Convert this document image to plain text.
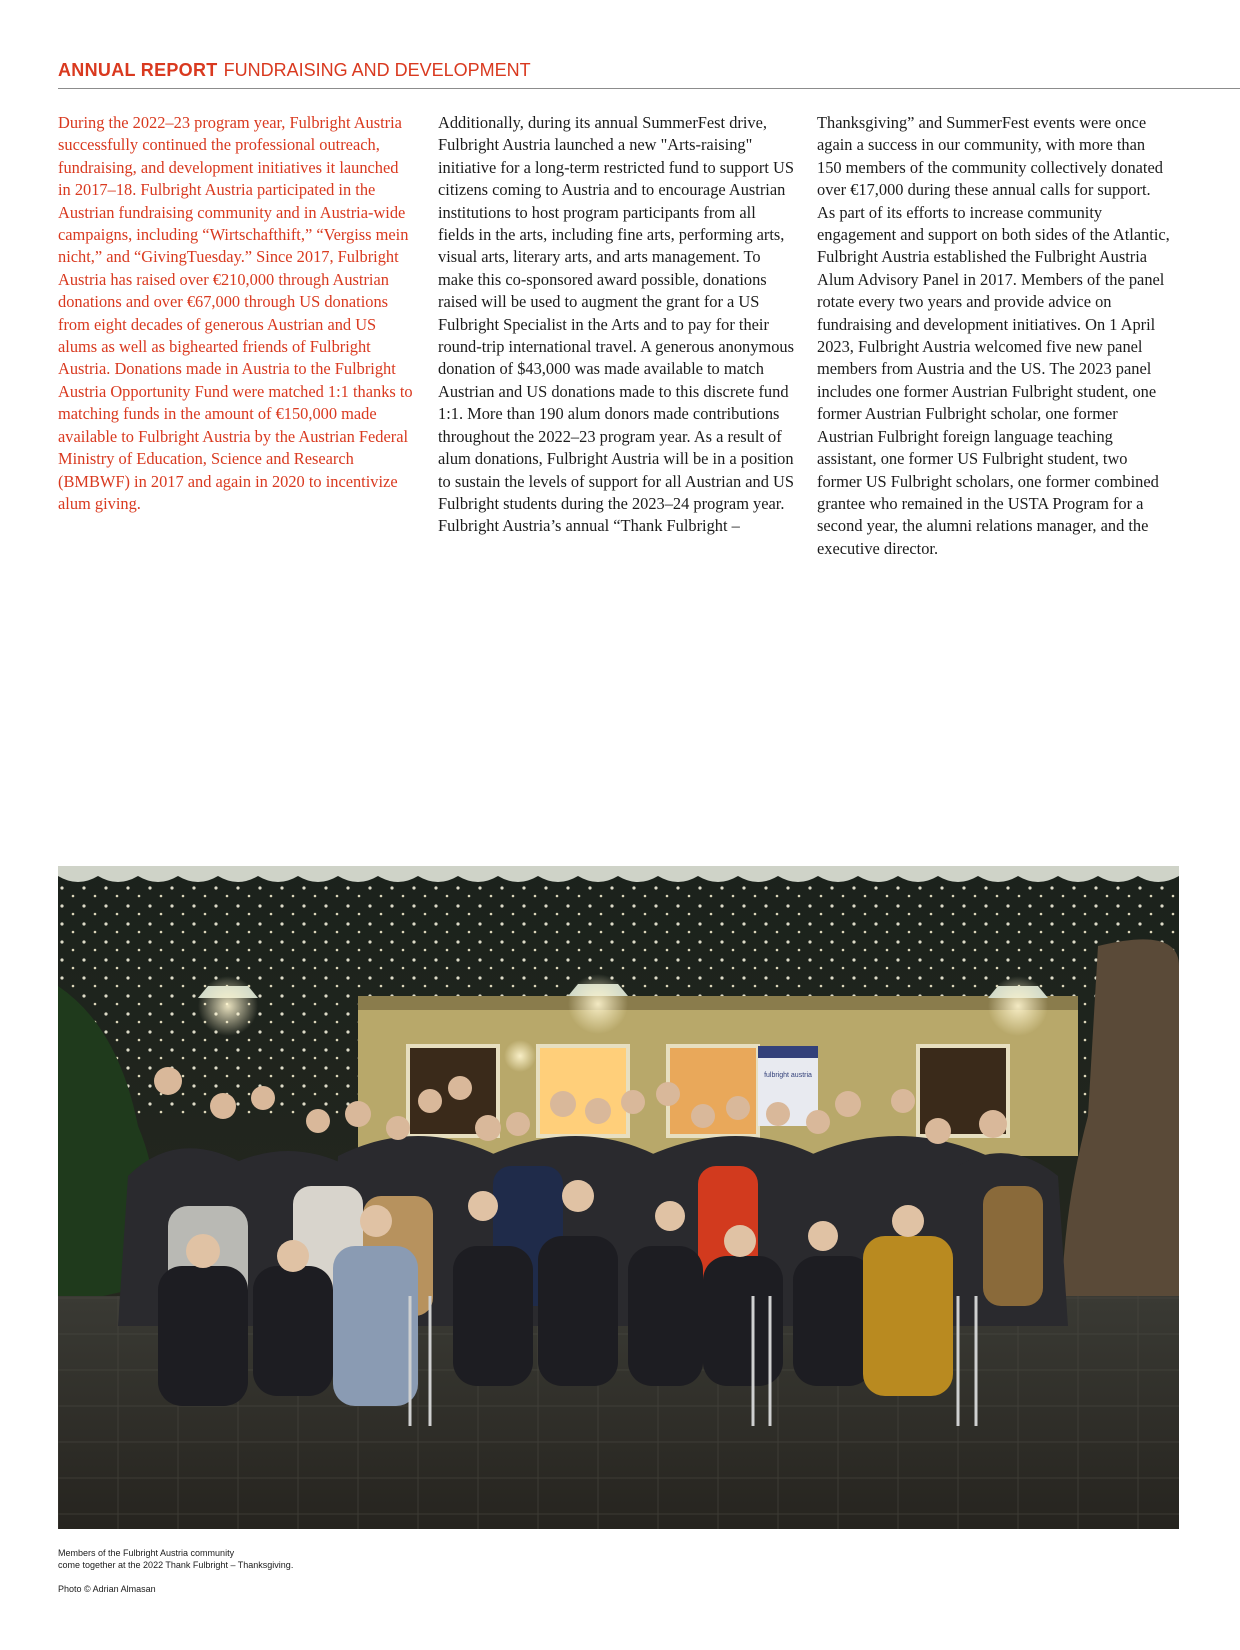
ANNUAL REPORT FUNDRAISING AND DEVELOPMENT

During the 2022–23 program year, Fulbright Austria successfully continued the professional outreach, fundraising, and development initiatives it launched in 2017–18. Fulbright Austria participated in the Austrian fundraising community and in Austria-wide campaigns, including “Wirtschafthift,” “Vergiss mein nicht,” and “GivingTuesday.” Since 2017, Fulbright Austria has raised over €210,000 through Austrian donations and over €67,000 through US donations from eight decades of generous Austrian and US alums as well as bighearted friends of Fulbright Austria. Donations made in Austria to the Fulbright Austria Opportunity Fund were matched 1:1 thanks to matching funds in the amount of €150,000 made available to Fulbright Austria by the Austrian Federal Ministry of Education, Science and Research (BMBWF) in 2017 and again in 2020 to incentivize alum giving.

Additionally, during its annual SummerFest drive, Fulbright Austria launched a new "Arts-raising" initiative for a long-term restricted fund to support US citizens coming to Austria and to encourage Austrian institutions to host program participants from all fields in the arts, including fine arts, performing arts, visual arts, literary arts, and arts management. To make this co-sponsored award possible, donations raised will be used to augment the grant for a US Fulbright Specialist in the Arts and to pay for their round-trip international travel. A generous anonymous donation of $43,000 was made available to match Austrian and US donations made to this discrete fund 1:1. More than 190 alum donors made contributions throughout the 2022–23 program year. As a result of alum donations, Fulbright Austria will be in a position to sustain the levels of support for all Austrian and US Fulbright students during the 2023–24 program year.

Fulbright Austria’s annual “Thank Fulbright –

Thanksgiving” and SummerFest events were once again a success in our community, with more than 150 members of the community collectively donated over €17,000 during these annual calls for support.

As part of its efforts to increase community engagement and support on both sides of the Atlantic, Fulbright Austria established the Fulbright Austria Alum Advisory Panel in 2017. Members of the panel rotate every two years and provide advice on fundraising and development initiatives. On 1 April 2023, Fulbright Austria welcomed five new panel members from Austria and the US. The 2023 panel includes one former Austrian Fulbright student, one former Austrian Fulbright scholar, one former Austrian Fulbright foreign language teaching assistant, one former US Fulbright student, two former US Fulbright scholars, one former combined grantee who remained in the USTA Program for a second year, the alumni relations manager, and the executive director.

fulbright austria

Members of the Fulbright Austria community

come together at the 2022 Thank Fulbright – Thanksgiving.

Photo © Adrian Almasan
